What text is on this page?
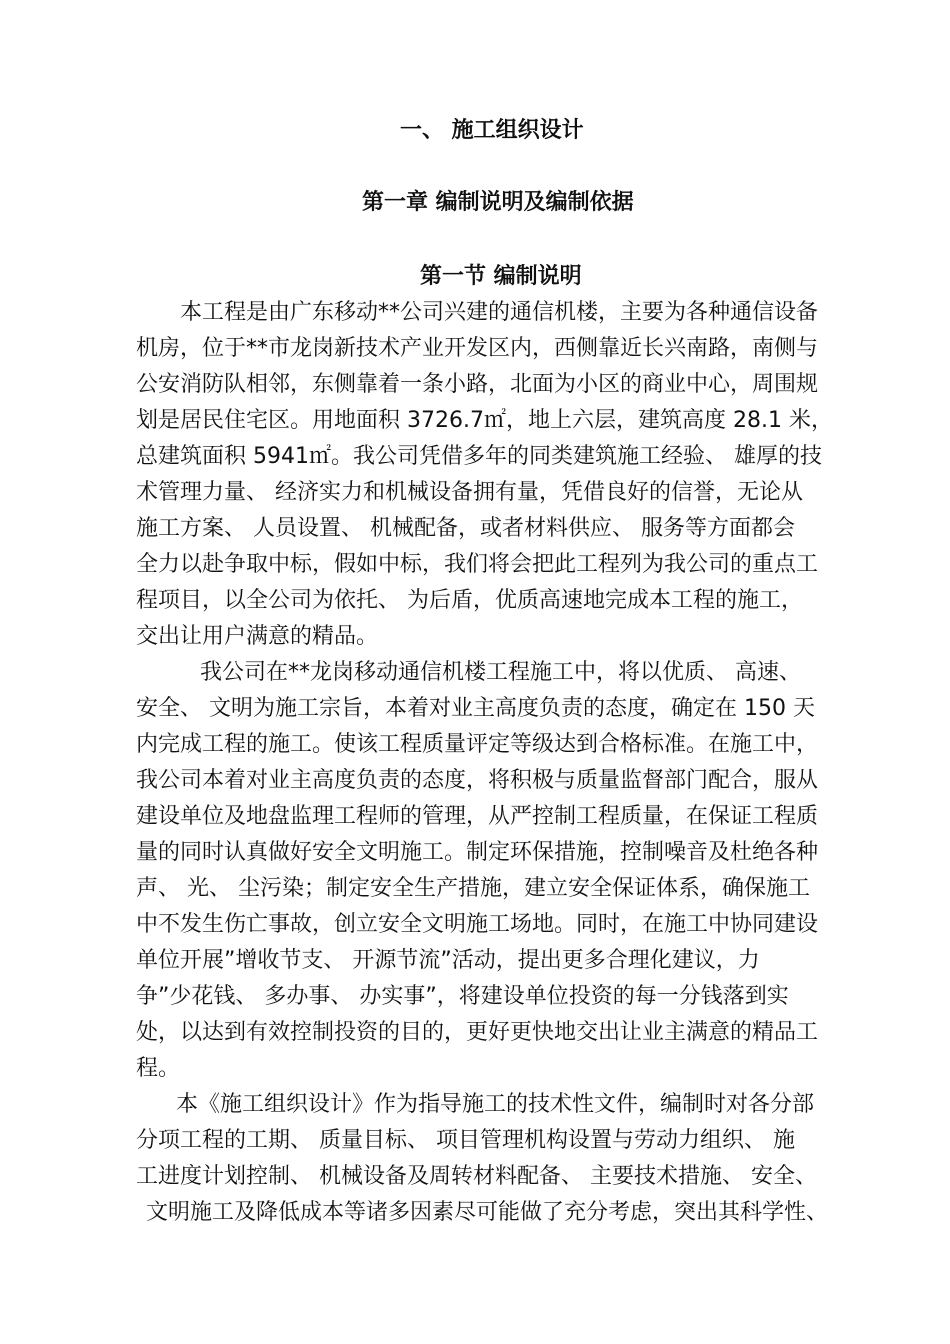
一、 施工组织设计
第一章 编制说明及编制依据
第一节 编制说明

本工程是由广东移动**公司兴建的通信机楼，主要为各种通信设备

机房，位于**市龙岗新技术产业开发区内，西侧靠近长兴南路，南侧与

公安消防队相邻，东侧靠着一条小路，北面为小区的商业中心，周围规

划是居民住宅区。用地面积 3726.7㎡，地上六层，建筑高度 28.1 米，

总建筑面积 5941㎡。我公司凭借多年的同类建筑施工经验、 雄厚的技

术管理力量、 经济实力和机械设备拥有量，凭借良好的信誉，无论从

施工方案、 人员设置、 机械配备，或者材料供应、 服务等方面都会

全力以赴争取中标，假如中标，我们将会把此工程列为我公司的重点工

程项目，以全公司为依托、 为后盾，优质高速地完成本工程的施工，

交出让用户满意的精品。

我公司在**龙岗移动通信机楼工程施工中，将以优质、 高速、

安全、 文明为施工宗旨，本着对业主高度负责的态度，确定在 150 天

内完成工程的施工。使该工程质量评定等级达到合格标准。在施工中，

我公司本着对业主高度负责的态度，将积极与质量监督部门配合，服从

建设单位及地盘监理工程师的管理，从严控制工程质量，在保证工程质

量的同时认真做好安全文明施工。制定环保措施，控制噪音及杜绝各种

声、 光、 尘污染；制定安全生产措施，建立安全保证体系，确保施工

中不发生伤亡事故，创立安全文明施工场地。同时，在施工中协同建设

单位开展”增收节支、 开源节流”活动，提出更多合理化建议，力

争”少花钱、 多办事、 办实事”，将建设单位投资的每一分钱落到实

处，以达到有效控制投资的目的，更好更快地交出让业主满意的精品工

程。

本《施工组织设计》作为指导施工的技术性文件，编制时对各分部

分项工程的工期、 质量目标、 项目管理机构设置与劳动力组织、 施

工进度计划控制、 机械设备及周转材料配备、 主要技术措施、 安全、

文明施工及降低成本等诸多因素尽可能做了充分考虑，突出其科学性、
